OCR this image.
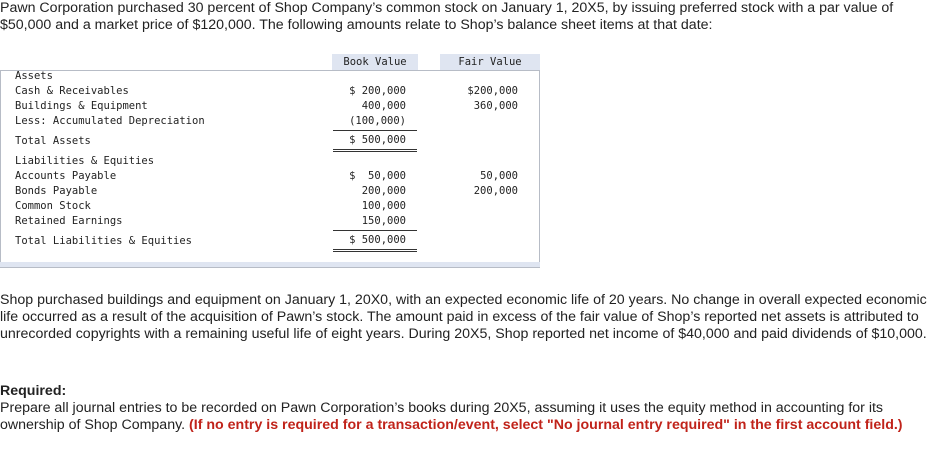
Pawn Corporation purchased 30 percent of Shop Company’s common stock on January 1, 20X5, by issuing preferred stock with a par value of $50,000 and a market price of $120,000. The following amounts relate to Shop’s balance sheet items at that date:

Book Value	Fair Value
Assets
Cash & Receivables	$ 200,000	$200,000
Buildings & Equipment	400,000	360,000
Less: Accumulated Depreciation	(100,000)
Total Assets	$ 500,000
Liabilities & Equities
Accounts Payable	$  50,000	50,000
Bonds Payable	200,000	200,000
Common Stock	100,000
Retained Earnings	150,000
Total Liabilities & Equities	$ 500,000

Shop purchased buildings and equipment on January 1, 20X0, with an expected economic life of 20 years. No change in overall expected economic life occurred as a result of the acquisition of Pawn’s stock. The amount paid in excess of the fair value of Shop’s reported net assets is attributed to unrecorded copyrights with a remaining useful life of eight years. During 20X5, Shop reported net income of $40,000 and paid dividends of $10,000.

Required:

Prepare all journal entries to be recorded on Pawn Corporation’s books during 20X5, assuming it uses the equity method in accounting for its ownership of Shop Company. (If no entry is required for a transaction/event, select "No journal entry required" in the first account field.)
